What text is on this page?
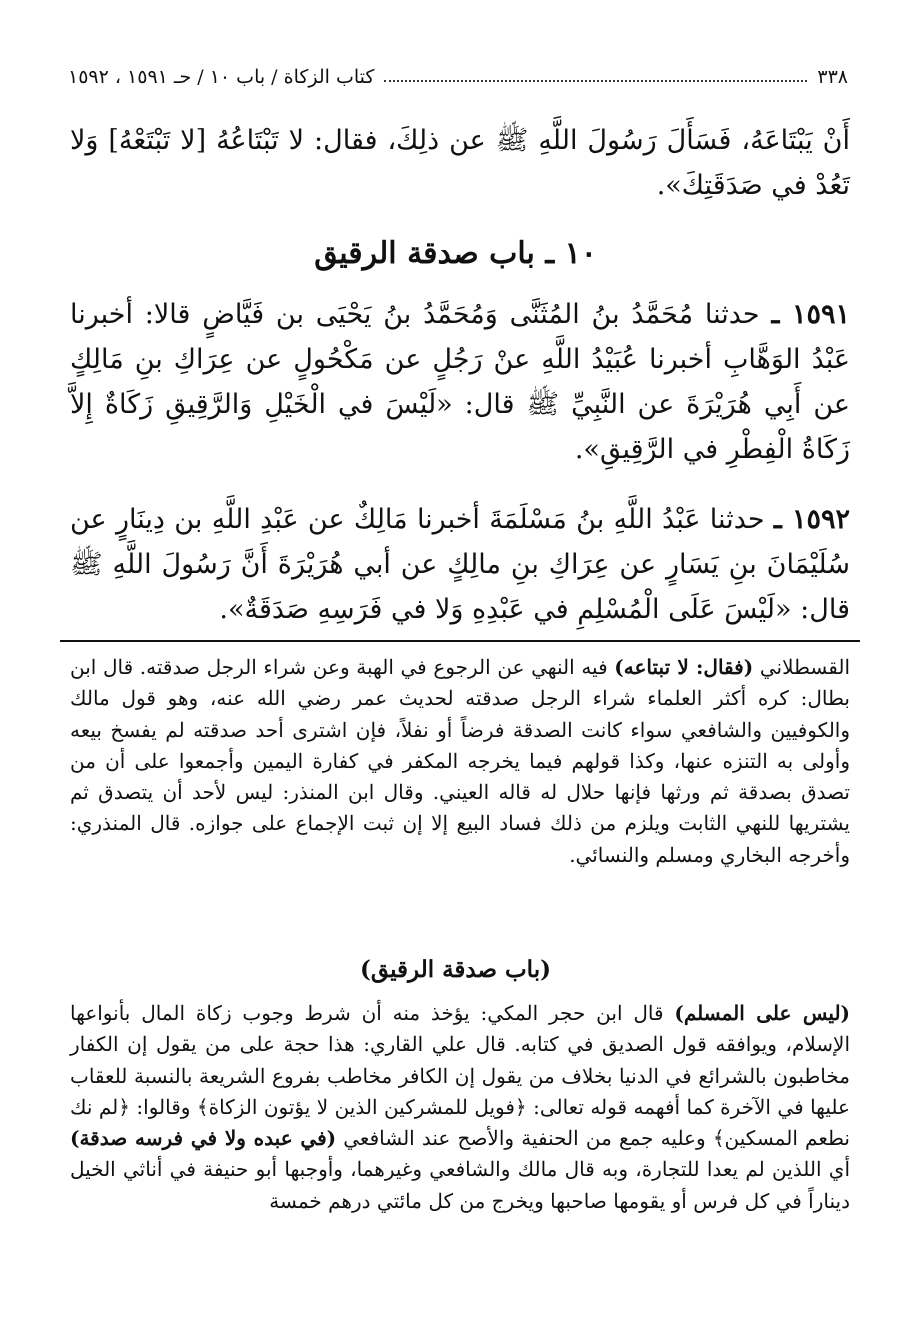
كتاب الزكاة / باب ١٠ / حـ ١٥٩١ ، ١٥٩٢	٣٣٨
أَنْ يَبْتَاعَهُ، فَسَأَلَ رَسُولَ اللَّهِ ﷺ عن ذلِكَ، فقال: لا تَبْتَاعُهُ [لا تَبْتَعْهُ] وَلا تَعُدْ في صَدَقَتِكَ».
١٠ ـ باب صدقة الرقيق
١٥٩١ ـ حدثنا مُحَمَّدُ بنُ المُثَنَّى وَمُحَمَّدُ بنُ يَحْيَى بن فَيَّاضٍ قالا: أخبرنا عَبْدُ الوَهَّابِ أخبرنا عُبَيْدُ اللَّهِ عنْ رَجُلٍ عن مَكْحُولٍ عن عِرَاكِ بنِ مَالِكٍ عن أَبِي هُرَيْرَةَ عن النَّبِيِّ ﷺ قال: «لَيْسَ في الْخَيْلِ وَالرَّقِيقِ زَكَاةٌ إِلاَّ زَكَاةُ الْفِطْرِ في الرَّقِيقِ».
١٥٩٢ ـ حدثنا عَبْدُ اللَّهِ بنُ مَسْلَمَةَ أخبرنا مَالِكٌ عن عَبْدِ اللَّهِ بن دِينَارٍ عن سُلَيْمَانَ بنِ يَسَارٍ عن عِرَاكِ بنِ مالِكٍ عن أبي هُرَيْرَةَ أَنَّ رَسُولَ اللَّهِ ﷺ قال: «لَيْسَ عَلَى الْمُسْلِمِ في عَبْدِهِ وَلا في فَرَسِهِ صَدَقَةٌ».
القسطلاني (فقال: لا تبتاعه) فيه النهي عن الرجوع في الهبة وعن شراء الرجل صدقته. قال ابن بطال: كره أكثر العلماء شراء الرجل صدقته لحديث عمر رضي الله عنه، وهو قول مالك والكوفيين والشافعي سواء كانت الصدقة فرضاً أو نفلاً، فإن اشترى أحد صدقته لم يفسخ بيعه وأولى به التنزه عنها، وكذا قولهم فيما يخرجه المكفر في كفارة اليمين وأجمعوا على أن من تصدق بصدقة ثم ورثها فإنها حلال له قاله العيني. وقال ابن المنذر: ليس لأحد أن يتصدق ثم يشتريها للنهي الثابت ويلزم من ذلك فساد البيع إلا إن ثبت الإجماع على جوازه. قال المنذري: وأخرجه البخاري ومسلم والنسائي.
(باب صدقة الرقيق)
(ليس على المسلم) قال ابن حجر المكي: يؤخذ منه أن شرط وجوب زكاة المال بأنواعها الإسلام، ويوافقه قول الصديق في كتابه. قال علي القاري: هذا حجة على من يقول إن الكفار مخاطبون بالشرائع في الدنيا بخلاف من يقول إن الكافر مخاطب بفروع الشريعة بالنسبة للعقاب عليها في الآخرة كما أفهمه قوله تعالى: ﴿فويل للمشركين الذين لا يؤتون الزكاة﴾ وقالوا: ﴿لم نك نطعم المسكين﴾ وعليه جمع من الحنفية والأصح عند الشافعي (في عبده ولا في فرسه صدقة) أي اللذين لم يعدا للتجارة، وبه قال مالك والشافعي وغيرهما، وأوجبها أبو حنيفة في أناثي الخيل ديناراً في كل فرس أو يقومها صاحبها ويخرج من كل مائتي درهم خمسة
